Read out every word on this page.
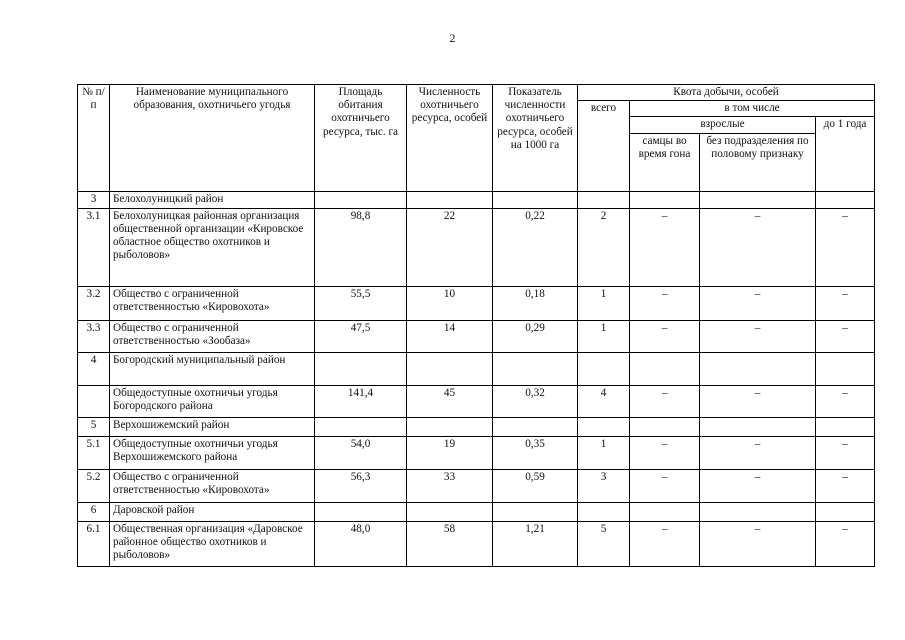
2
№ п/п	Наименование муниципального образования, охотничьего угодья	Площадь обитания охотничьего ресурса, тыс. га	Численность охотничьего ресурса, особей	Показатель численности охотничьего ресурса, особей на 1000 га	Квота добычи, особей			
					всего	в том числе		
						взрослые		до 1 года
						самцы во время гона	без подразделения по половому признаку	
3	Белохолуницкий район							
3.1	Белохолуницкая районная организация общественной организации «Кировское областное общество охотников и рыболовов»	98,8	22	0,22	2	–	–	–
3.2	Общество с ограниченной ответственностью «Кировохота»	55,5	10	0,18	1	–	–	–
3.3	Общество с ограниченной ответственностью «Зообаза»	47,5	14	0,29	1	–	–	–
4	Богородский муниципальный район							
	Общедоступные охотничьи угодья Богородского района	141,4	45	0,32	4	–	–	–
5	Верхошижемский район							
5.1	Общедоступные охотничьи угодья Верхошижемского района	54,0	19	0,35	1	–	–	–
5.2	Общество с ограниченной ответственностью «Кировохота»	56,3	33	0,59	3	–	–	–
6	Даровской район							
6.1	Общественная организация «Даровское районное общество охотников и рыболовов»	48,0	58	1,21	5	–	–	–
